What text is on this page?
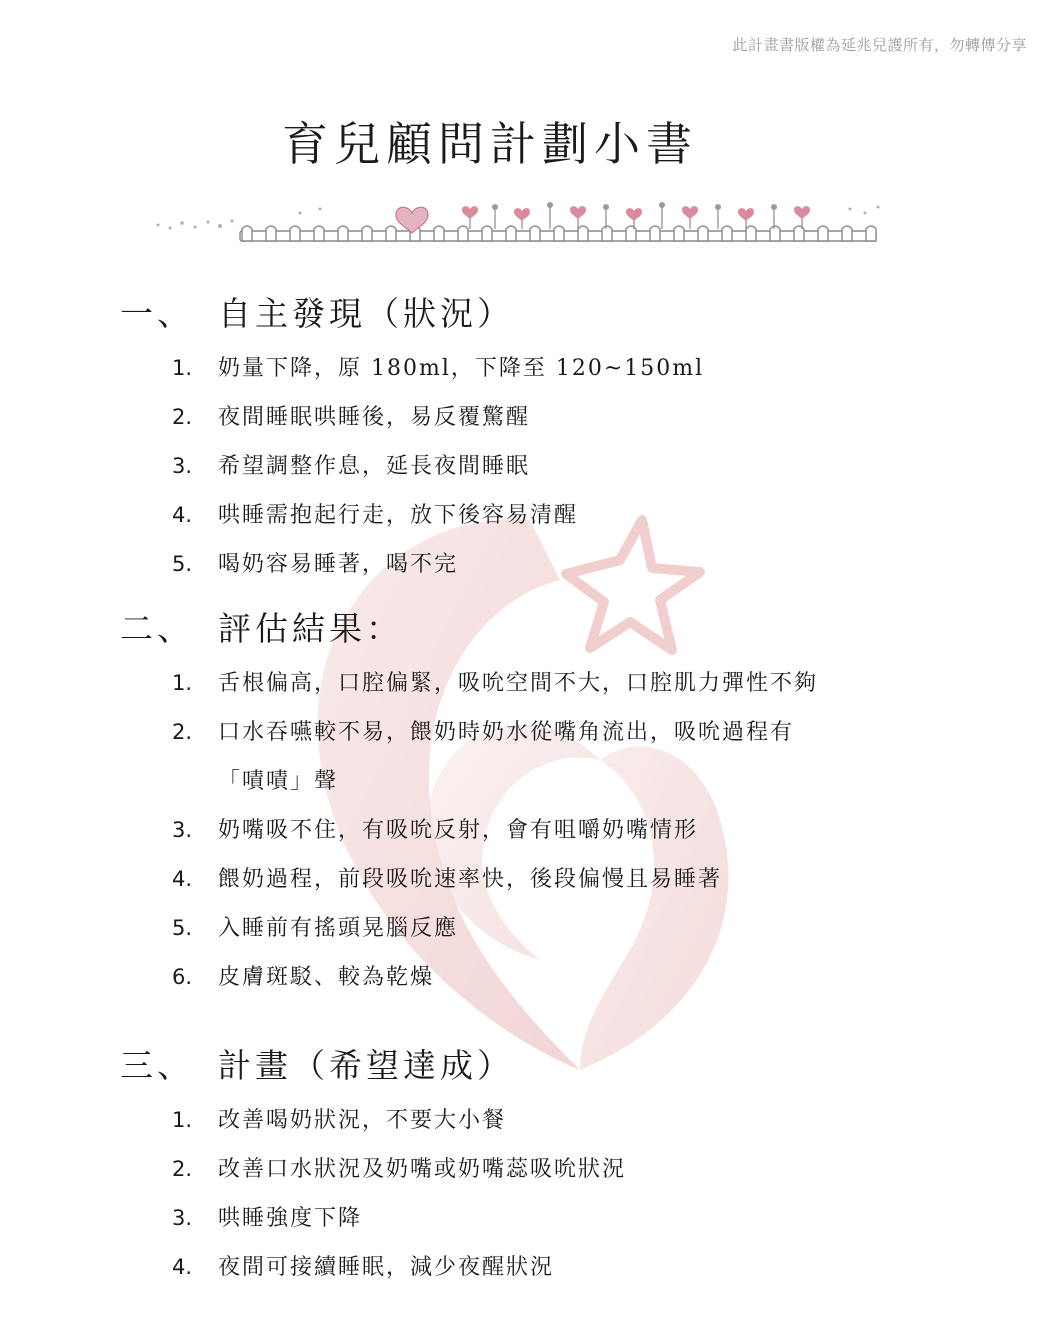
此計畫書版權為延兆兒護所有，勿轉傳分享
育兒顧問計劃小書
一、 自主發現（狀況）
1.	奶量下降，原 180ml，下降至 120~150ml
2.	夜間睡眠哄睡後，易反覆驚醒
3.	希望調整作息，延長夜間睡眠
4.	哄睡需抱起行走，放下後容易清醒
5.	喝奶容易睡著，喝不完
二、 評估結果：
1.	舌根偏高，口腔偏緊，吸吮空間不大，口腔肌力彈性不夠
2.	口水吞嚥較不易，餵奶時奶水從嘴角流出，吸吮過程有
「嘖嘖」聲
3.	奶嘴吸不住，有吸吮反射，會有咀嚼奶嘴情形
4.	餵奶過程，前段吸吮速率快，後段偏慢且易睡著
5.	入睡前有搖頭晃腦反應
6.	皮膚斑駁、較為乾燥
三、 計畫（希望達成）
1.	改善喝奶狀況，不要大小餐
2.	改善口水狀況及奶嘴或奶嘴蕊吸吮狀況
3.	哄睡強度下降
4.	夜間可接續睡眠，減少夜醒狀況
